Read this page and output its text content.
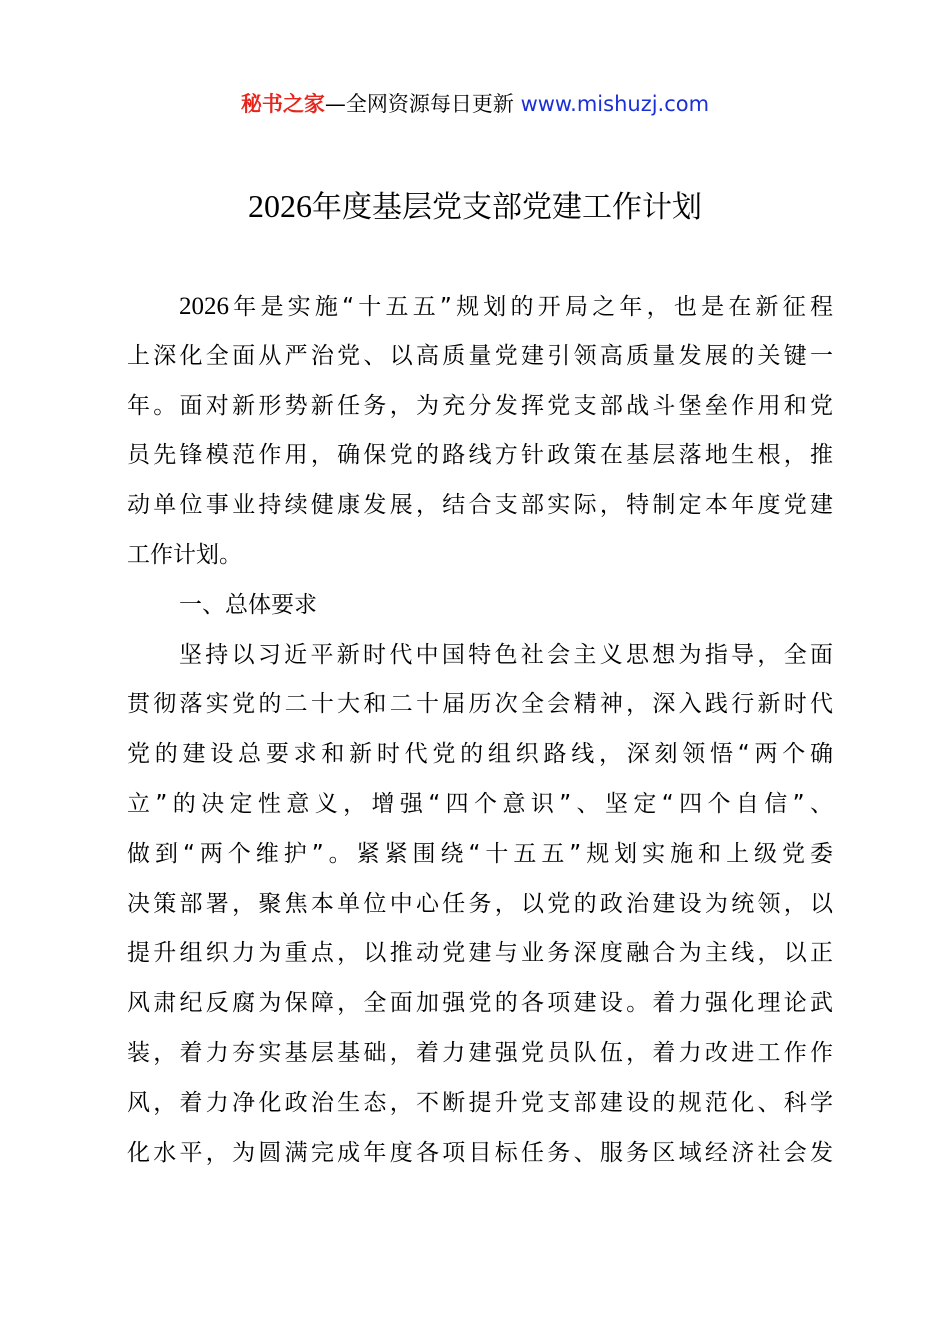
秘书之家—全网资源每日更新 www.mishuzj.com
2026年度基层党支部党建工作计划
2026年是实施“十五五”规划的开局之年，也是在新征程
上深化全面从严治党、以高质量党建引领高质量发展的关键一
年。面对新形势新任务，为充分发挥党支部战斗堡垒作用和党
员先锋模范作用，确保党的路线方针政策在基层落地生根，推
动单位事业持续健康发展，结合支部实际，特制定本年度党建
工作计划。
一、总体要求
坚持以习近平新时代中国特色社会主义思想为指导，全面
贯彻落实党的二十大和二十届历次全会精神，深入践行新时代
党的建设总要求和新时代党的组织路线，深刻领悟“两个确
立”的决定性意义，增强“四个意识”、坚定“四个自信”、
做到“两个维护”。紧紧围绕“十五五”规划实施和上级党委
决策部署，聚焦本单位中心任务，以党的政治建设为统领，以
提升组织力为重点，以推动党建与业务深度融合为主线，以正
风肃纪反腐为保障，全面加强党的各项建设。着力强化理论武
装，着力夯实基层基础，着力建强党员队伍，着力改进工作作
风，着力净化政治生态，不断提升党支部建设的规范化、科学
化水平，为圆满完成年度各项目标任务、服务区域经济社会发
